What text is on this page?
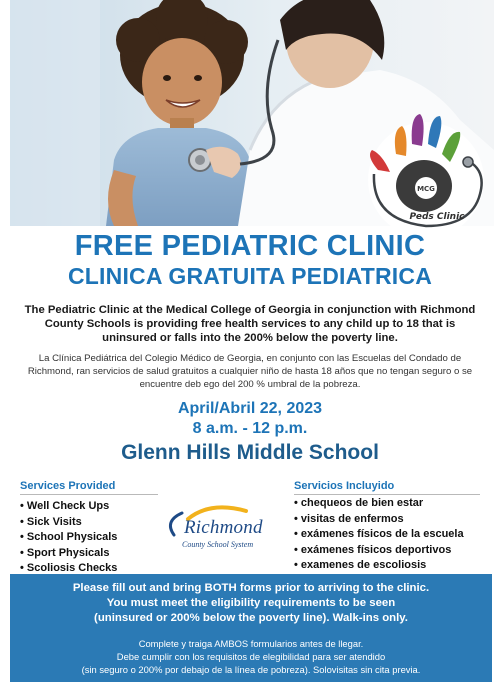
MCG
Peds Clinic
FREE PEDIATRIC CLINIC
CLINICA GRATUITA PEDIATRICA
The Pediatric Clinic at the Medical College of Georgia in conjunction with Richmond County Schools is providing free health services to any child up to 18 that is uninsured or falls into the 200% below the poverty line.
La Clínica Pediátrica del Colegio Médico de Georgia, en conjunto con las Escuelas del Condado de Richmond, ran servicios de salud gratuitos a cualquier niño de hasta 18 años que no tengan seguro o se encuentre deb ego del 200 % umbral de la pobreza.
April/Abril 22, 2023
8 a.m. - 12 p.m.
Glenn Hills Middle School
Services Provided
• Well Check Ups
• Sick Visits
• School Physicals
• Sport Physicals
• Scoliosis Checks
Richmond
County School System
Servicios Incluyido
• chequeos de bien estar
• visitas de enfermos
• exámenes físicos de la escuela
• exámenes físicos deportivos
• examenes de escoliosis
Please fill out and bring BOTH forms prior to arriving to the clinic.
You must meet the eligibility requirements to be seen
(uninsured or 200% below the poverty line). Walk-ins only.
Complete y traiga AMBOS formularios antes de llegar.
Debe cumplir con los requisitos de elegibilidad para ser atendido
(sin seguro o 200% por debajo de la línea de pobreza). Solovisitas sin cita previa.
